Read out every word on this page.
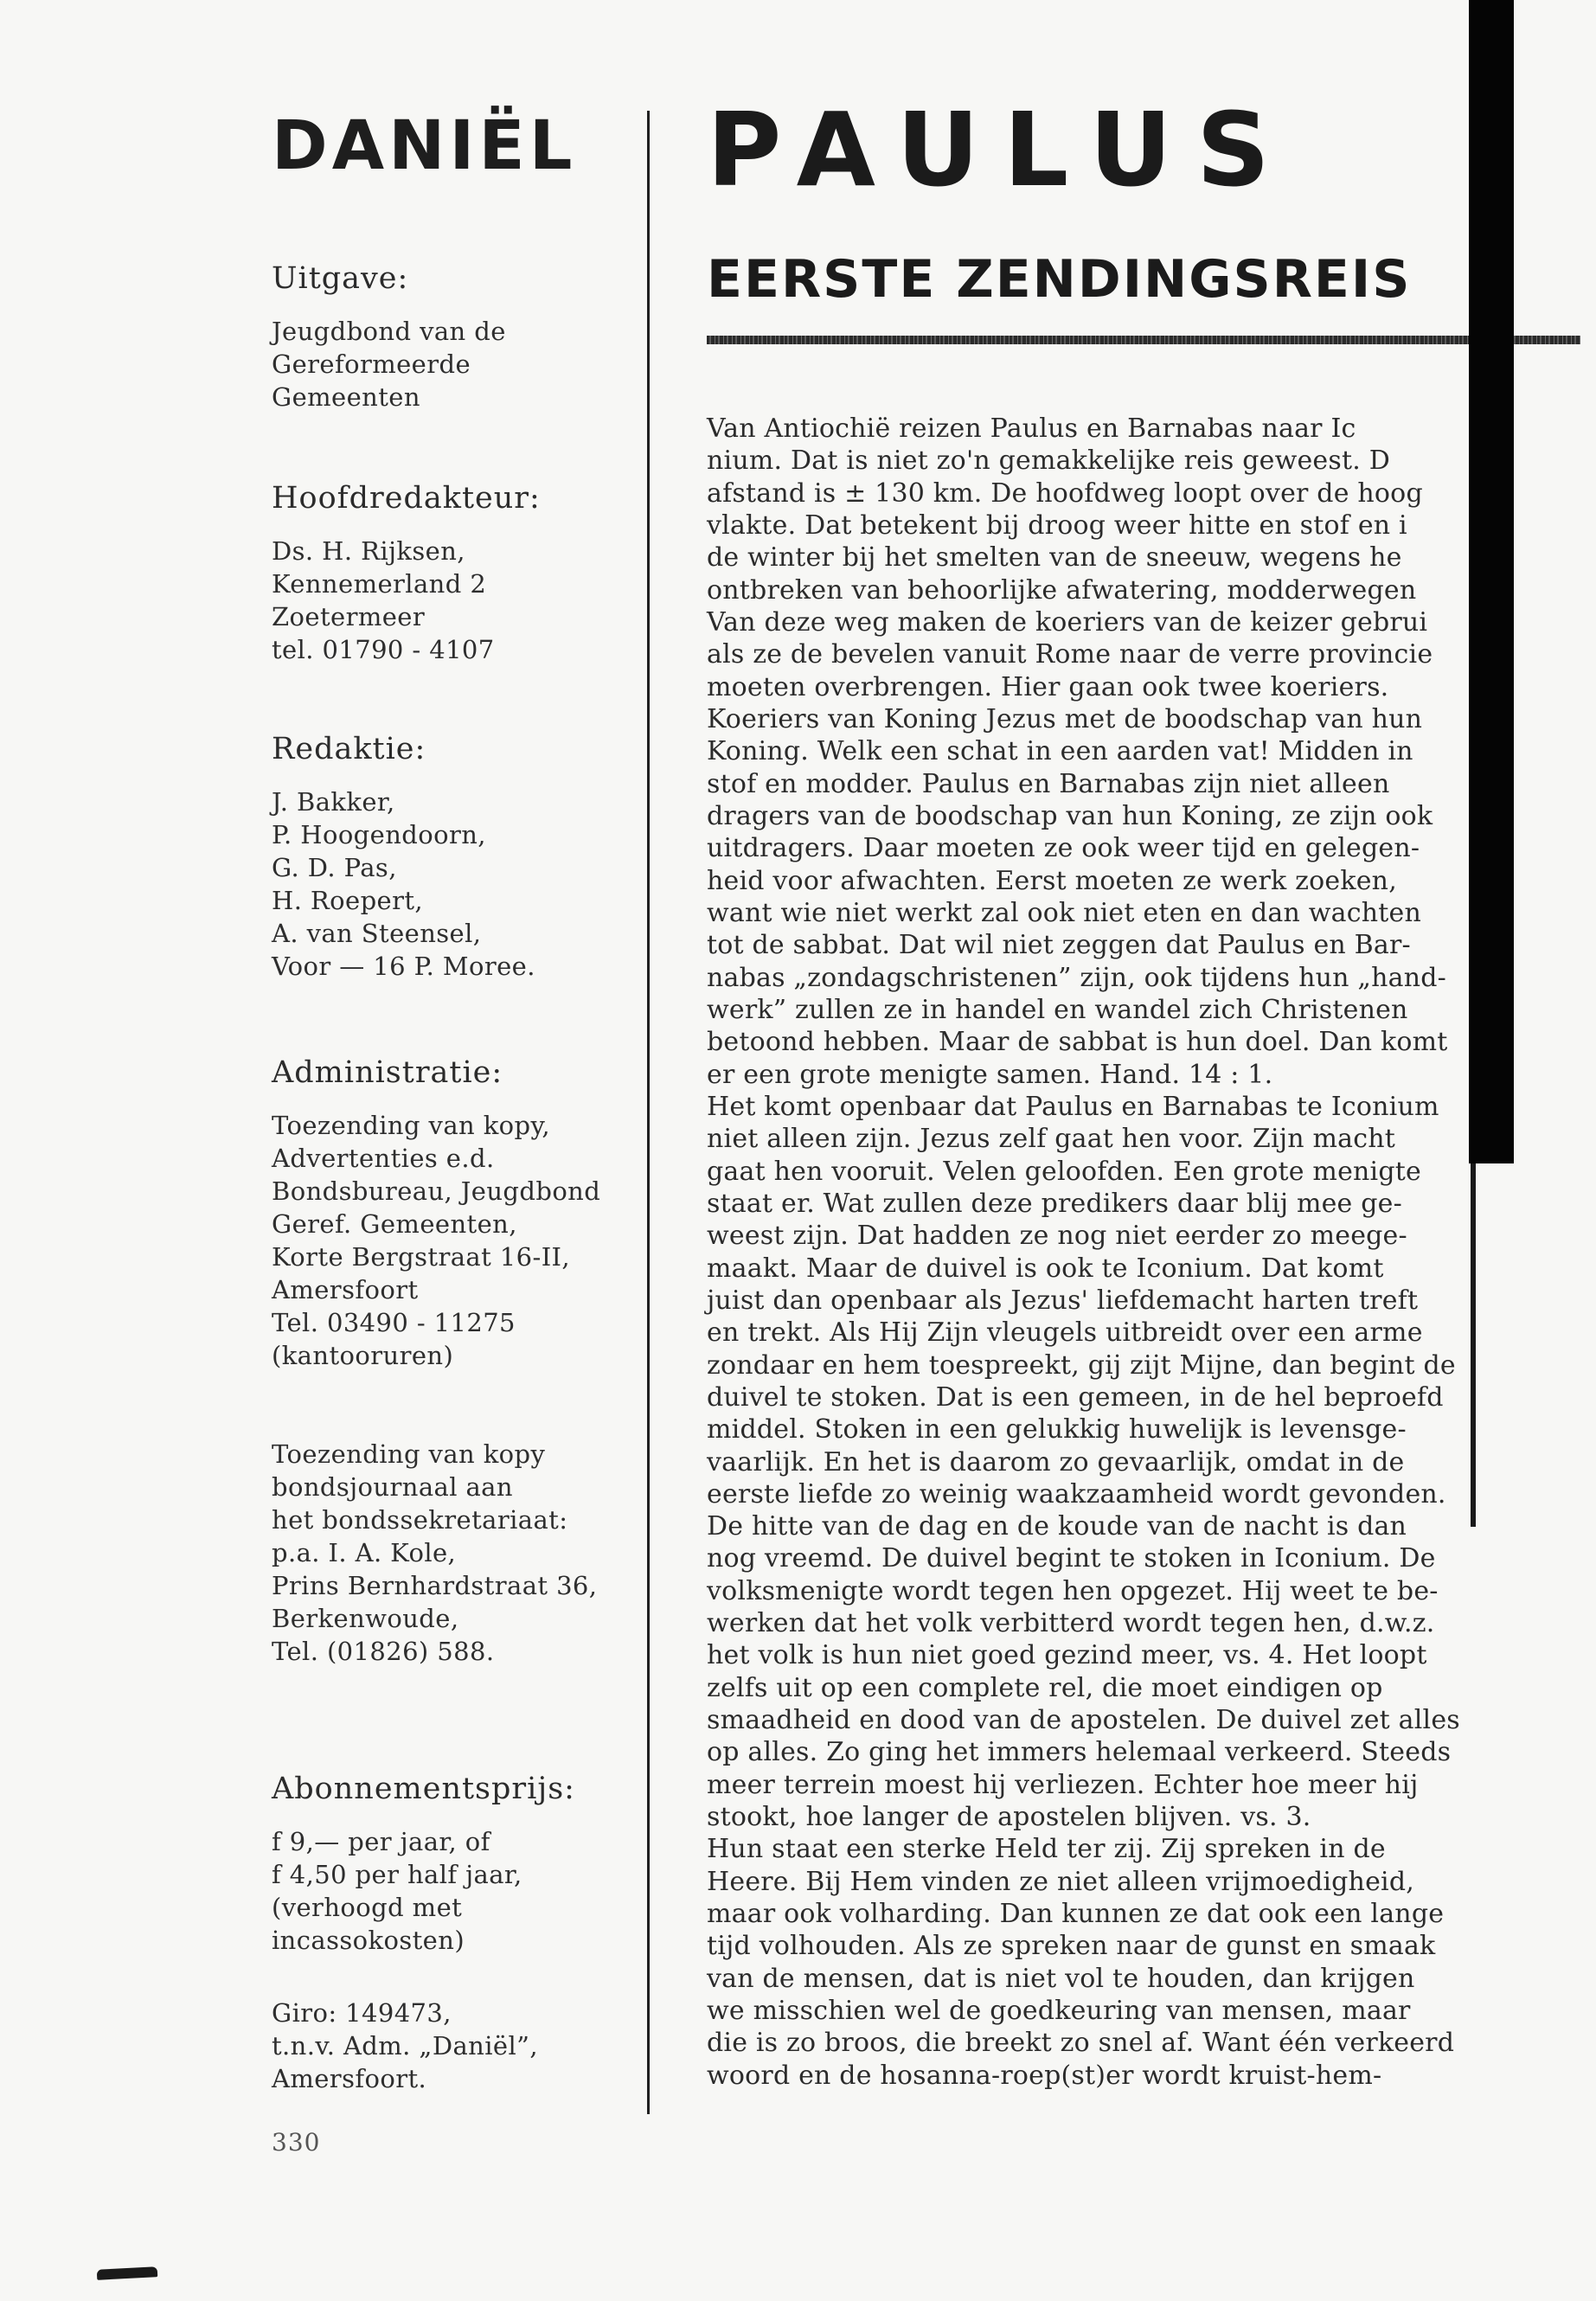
DANIËL
Uitgave:
Jeugdbond van de
Gereformeerde
Gemeenten
Hoofdredakteur:
Ds. H. Rijksen,
Kennemerland 2
Zoetermeer
tel. 01790 - 4107
Redaktie:
J. Bakker,
P. Hoogendoorn,
G. D. Pas,
H. Roepert,
A. van Steensel,
Voor — 16 P. Moree.
Administratie:
Toezending van kopy,
Advertenties e.d.
Bondsbureau, Jeugdbond
Geref. Gemeenten,
Korte Bergstraat 16-II,
Amersfoort
Tel. 03490 - 11275
(kantooruren)
Toezending van kopy
bondsjournaal aan
het bondssekretariaat:
p.a. I. A. Kole,
Prins Bernhardstraat 36,
Berkenwoude,
Tel. (01826) 588.
Abonnementsprijs:
f 9,— per jaar, of
f 4,50 per half jaar,
(verhoogd met
incassokosten)
Giro: 149473,
t.n.v. Adm. „Daniël”,
Amersfoort.
330
PAULUS
EERSTE ZENDINGSREIS
Van Antiochië reizen Paulus en Barnabas naar Ic
nium. Dat is niet zo'n gemakkelijke reis geweest. D
afstand is ± 130 km. De hoofdweg loopt over de hoog
vlakte. Dat betekent bij droog weer hitte en stof en i
de winter bij het smelten van de sneeuw, wegens he
ontbreken van behoorlijke afwatering, modderwegen
Van deze weg maken de koeriers van de keizer gebrui
als ze de bevelen vanuit Rome naar de verre provincie
moeten overbrengen. Hier gaan ook twee koeriers.
Koeriers van Koning Jezus met de boodschap van hun
Koning. Welk een schat in een aarden vat! Midden in
stof en modder. Paulus en Barnabas zijn niet alleen
dragers van de boodschap van hun Koning, ze zijn ook
uitdragers. Daar moeten ze ook weer tijd en gelegen-
heid voor afwachten. Eerst moeten ze werk zoeken,
want wie niet werkt zal ook niet eten en dan wachten
tot de sabbat. Dat wil niet zeggen dat Paulus en Bar-
nabas „zondagschristenen” zijn, ook tijdens hun „hand-
werk” zullen ze in handel en wandel zich Christenen
betoond hebben. Maar de sabbat is hun doel. Dan komt
er een grote menigte samen. Hand. 14 : 1.
Het komt openbaar dat Paulus en Barnabas te Iconium
niet alleen zijn. Jezus zelf gaat hen voor. Zijn macht
gaat hen vooruit. Velen geloofden. Een grote menigte
staat er. Wat zullen deze predikers daar blij mee ge-
weest zijn. Dat hadden ze nog niet eerder zo meege-
maakt. Maar de duivel is ook te Iconium. Dat komt
juist dan openbaar als Jezus' liefdemacht harten treft
en trekt. Als Hij Zijn vleugels uitbreidt over een arme
zondaar en hem toespreekt, gij zijt Mijne, dan begint de
duivel te stoken. Dat is een gemeen, in de hel beproefd
middel. Stoken in een gelukkig huwelijk is levensge-
vaarlijk. En het is daarom zo gevaarlijk, omdat in de
eerste liefde zo weinig waakzaamheid wordt gevonden.
De hitte van de dag en de koude van de nacht is dan
nog vreemd. De duivel begint te stoken in Iconium. De
volksmenigte wordt tegen hen opgezet. Hij weet te be-
werken dat het volk verbitterd wordt tegen hen, d.w.z.
het volk is hun niet goed gezind meer, vs. 4. Het loopt
zelfs uit op een complete rel, die moet eindigen op
smaadheid en dood van de apostelen. De duivel zet alles
op alles. Zo ging het immers helemaal verkeerd. Steeds
meer terrein moest hij verliezen. Echter hoe meer hij
stookt, hoe langer de apostelen blijven. vs. 3.
Hun staat een sterke Held ter zij. Zij spreken in de
Heere. Bij Hem vinden ze niet alleen vrijmoedigheid,
maar ook volharding. Dan kunnen ze dat ook een lange
tijd volhouden. Als ze spreken naar de gunst en smaak
van de mensen, dat is niet vol te houden, dan krijgen
we misschien wel de goedkeuring van mensen, maar
die is zo broos, die breekt zo snel af. Want één verkeerd
woord en de hosanna-roep(st)er wordt kruist-hem-
